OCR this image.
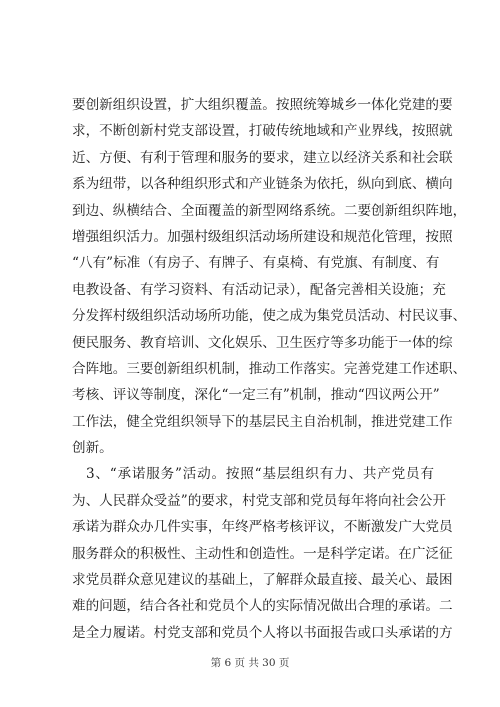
要创新组织设置，扩大组织覆盖。按照统筹城乡一体化党建的要
求，不断创新村党支部设置，打破传统地域和产业界线，按照就
近、方便、有利于管理和服务的要求，建立以经济关系和社会联
系为纽带，以各种组织形式和产业链条为依托，纵向到底、横向
到边、纵横结合、全面覆盖的新型网络系统。二要创新组织阵地，
增强组织活力。加强村级组织活动场所建设和规范化管理，按照
“八有”标准（有房子、有牌子、有桌椅、有党旗、有制度、有
电教设备、有学习资料、有活动记录），配备完善相关设施；充
分发挥村级组织活动场所功能，使之成为集党员活动、村民议事、
便民服务、教育培训、文化娱乐、卫生医疗等多功能于一体的综
合阵地。三要创新组织机制，推动工作落实。完善党建工作述职、
考核、评议等制度，深化“一定三有”机制，推动“四议两公开”
工作法，健全党组织领导下的基层民主自治机制，推进党建工作
创新。
3、“承诺服务”活动。按照“基层组织有力、共产党员有
为、人民群众受益”的要求，村党支部和党员每年将向社会公开
承诺为群众办几件实事，年终严格考核评议，不断激发广大党员
服务群众的积极性、主动性和创造性。一是科学定诺。在广泛征
求党员群众意见建议的基础上，了解群众最直接、最关心、最困
难的问题，结合各社和党员个人的实际情况做出合理的承诺。二
是全力履诺。村党支部和党员个人将以书面报告或口头承诺的方
第 6 页 共 30 页
